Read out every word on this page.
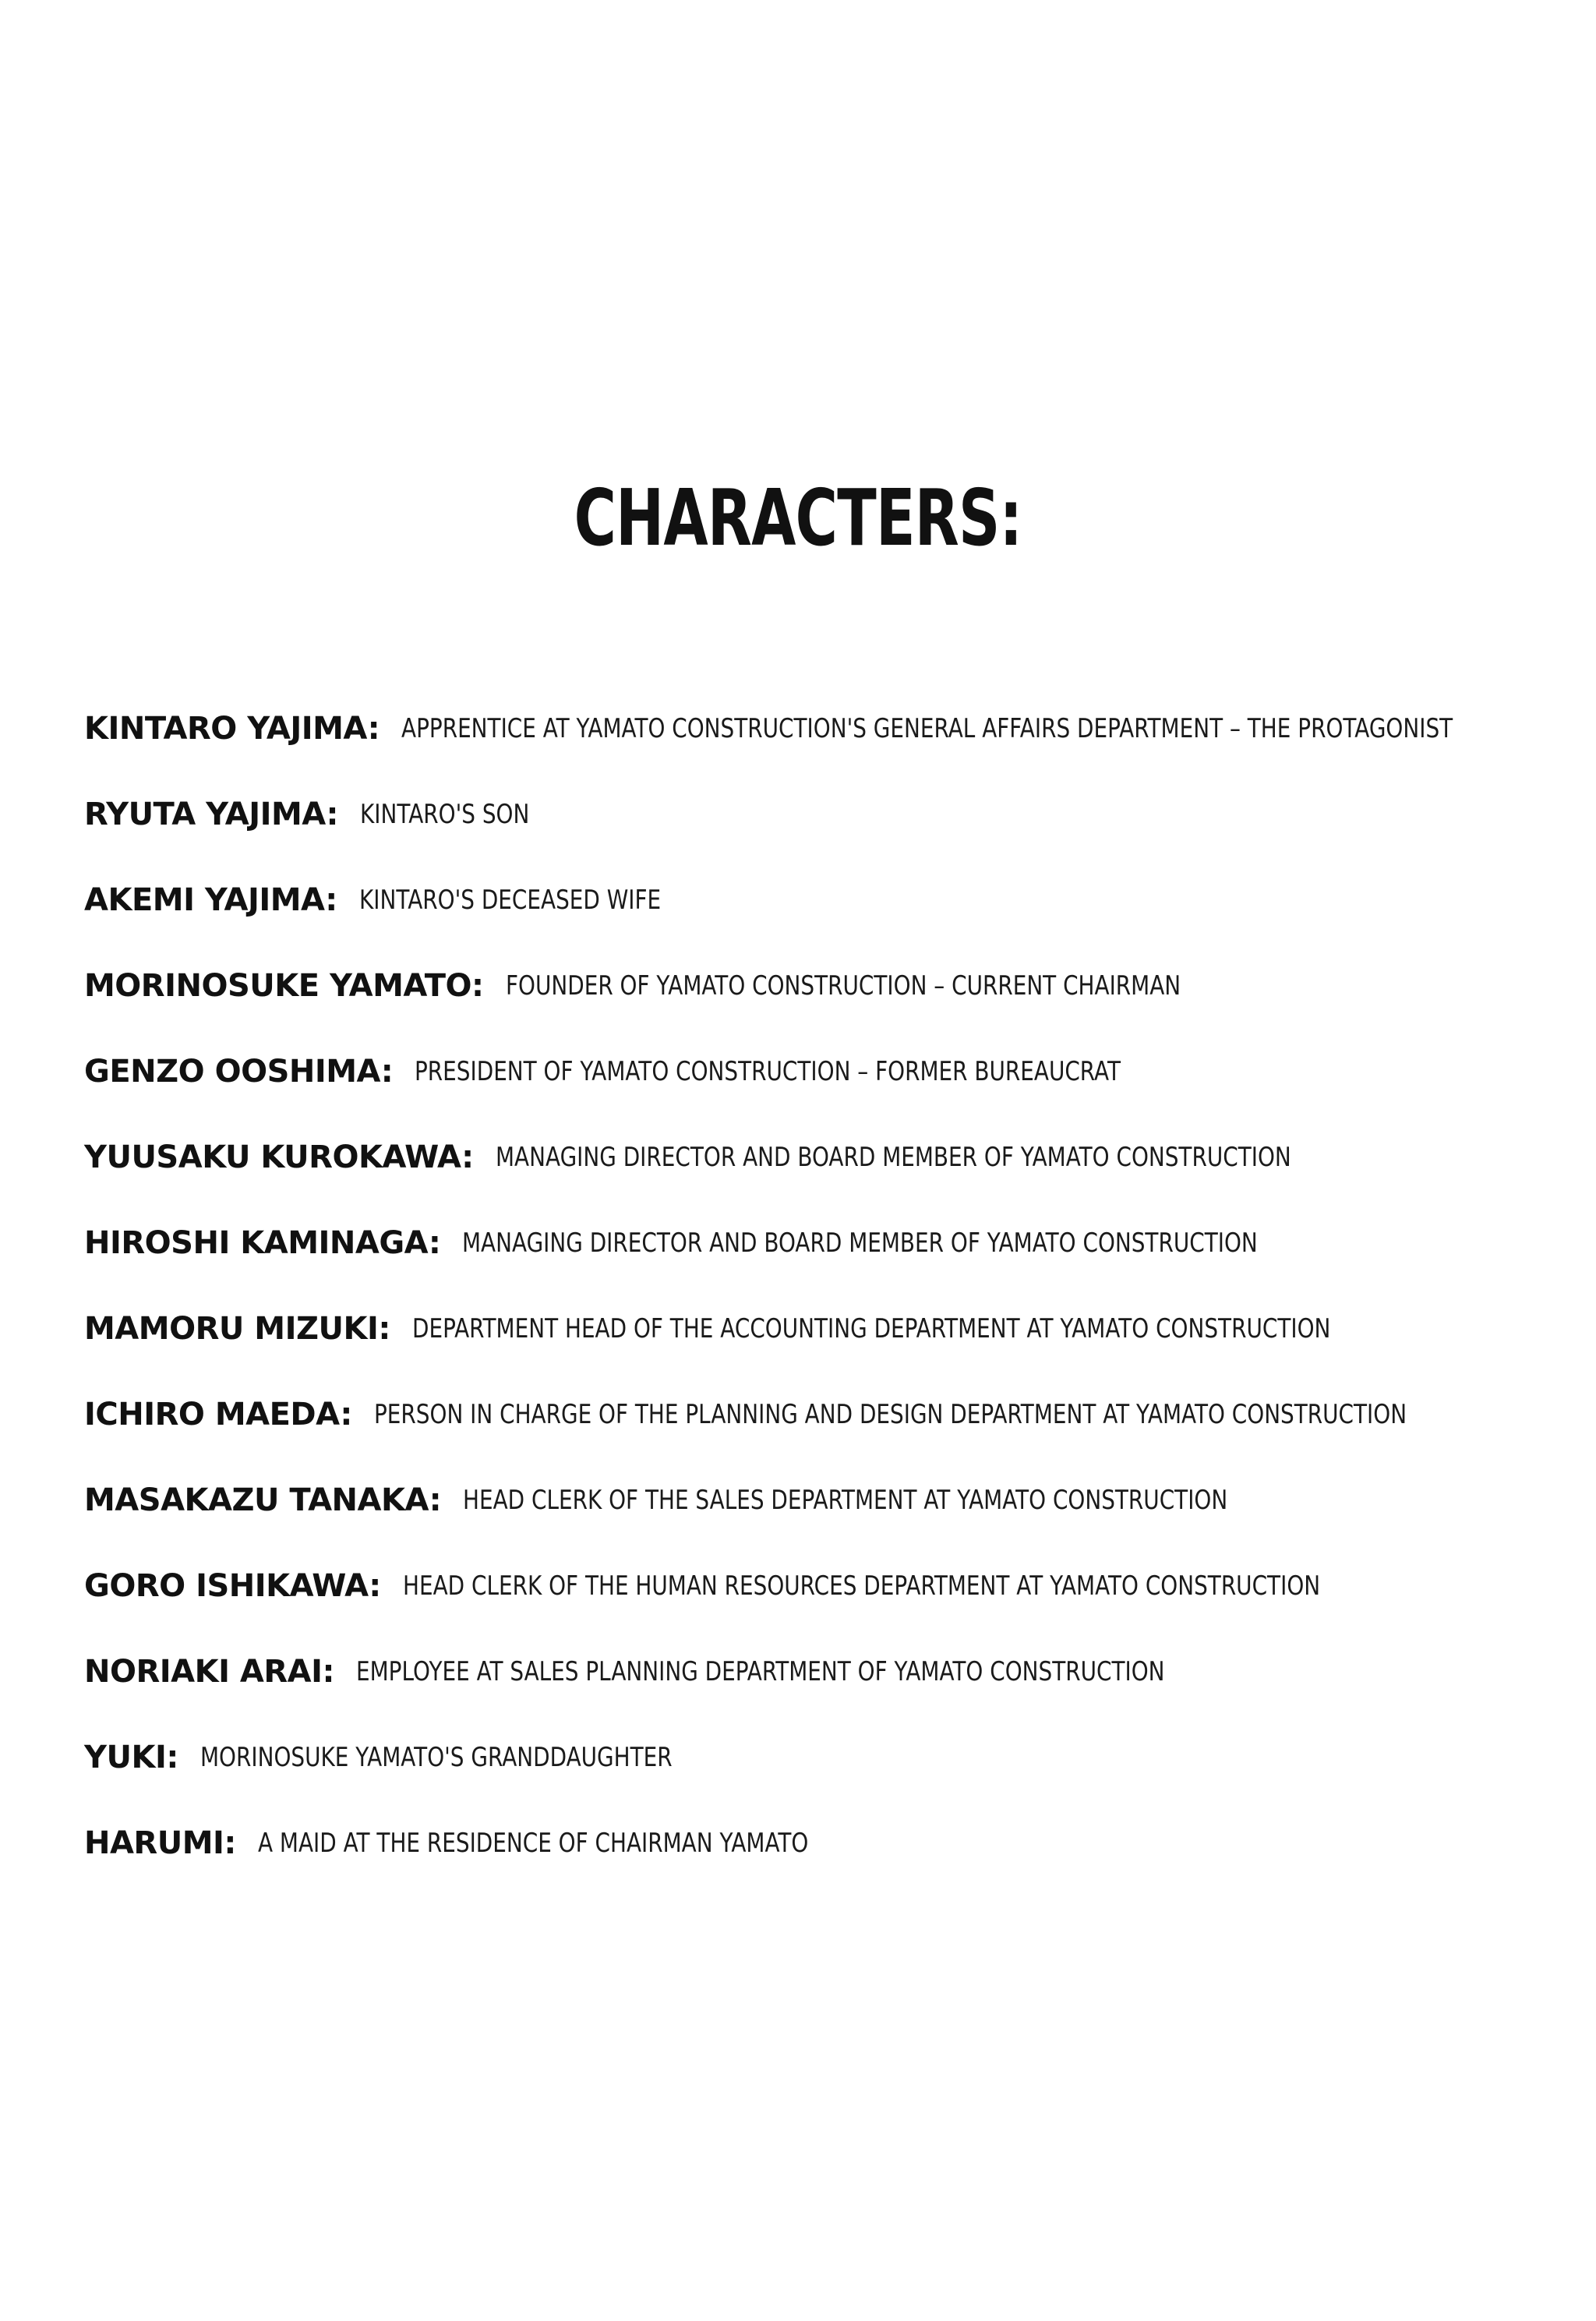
CHARACTERS:
KINTARO YAJIMA: APPRENTICE AT YAMATO CONSTRUCTION'S GENERAL AFFAIRS DEPARTMENT – THE PROTAGONIST
RYUTA YAJIMA: KINTARO'S SON
AKEMI YAJIMA: KINTARO'S DECEASED WIFE
MORINOSUKE YAMATO: FOUNDER OF YAMATO CONSTRUCTION – CURRENT CHAIRMAN
GENZO OOSHIMA: PRESIDENT OF YAMATO CONSTRUCTION – FORMER BUREAUCRAT
YUUSAKU KUROKAWA: MANAGING DIRECTOR AND BOARD MEMBER OF YAMATO CONSTRUCTION
HIROSHI KAMINAGA: MANAGING DIRECTOR AND BOARD MEMBER OF YAMATO CONSTRUCTION
MAMORU MIZUKI: DEPARTMENT HEAD OF THE ACCOUNTING DEPARTMENT AT YAMATO CONSTRUCTION
ICHIRO MAEDA: PERSON IN CHARGE OF THE PLANNING AND DESIGN DEPARTMENT AT YAMATO CONSTRUCTION
MASAKAZU TANAKA: HEAD CLERK OF THE SALES DEPARTMENT AT YAMATO CONSTRUCTION
GORO ISHIKAWA: HEAD CLERK OF THE HUMAN RESOURCES DEPARTMENT AT YAMATO CONSTRUCTION
NORIAKI ARAI: EMPLOYEE AT SALES PLANNING DEPARTMENT OF YAMATO CONSTRUCTION
YUKI: MORINOSUKE YAMATO'S GRANDDAUGHTER
HARUMI: A MAID AT THE RESIDENCE OF CHAIRMAN YAMATO
